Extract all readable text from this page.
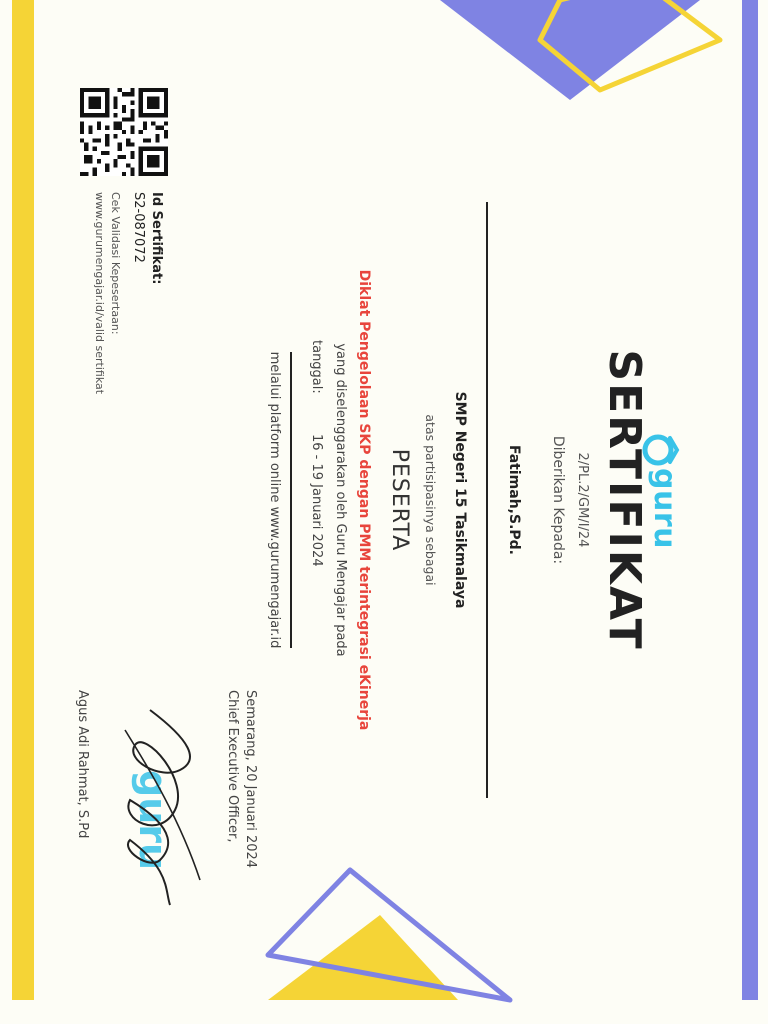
guru
SERTIFIKAT
2/PL.2/GM/I/24
Diberikan Kepada:
Fatimah,S.Pd.
SMP Negeri 15 Tasikmalaya
atas partisipasinya sebagai
PESERTA
Diklat Pengelolaan SKP dengan PMM terintegrasi eKinerja
yang diselenggarakan oleh Guru Mengajar pada
tanggal:
16 - 19 Januari 2024
melalui platform online www.gurumengajar.id
Semarang, 20 Januari 2024
Chief Executive Officer,
guru
Agus Adi Rahmat, S.Pd
Id Sertifikat:
S2-087072
Cek Validasi Kepesertaan:
www.gurumengajar.id/valid sertifikat
